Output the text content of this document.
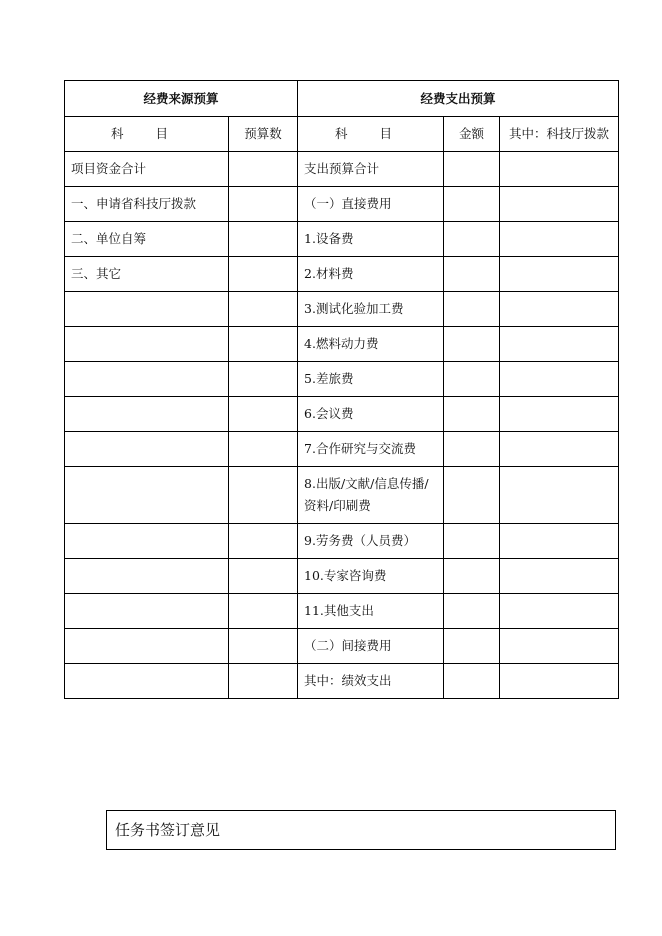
经费来源预算		经费支出预算		
科 目	预算数	科 目	金额	其中：科技厅拨款
项目资金合计		支出预算合计		
一、申请省科技厅拨款		（一）直接费用		
二、单位自筹		1.设备费		
三、其它		2.材料费		
		3.测试化验加工费		
		4.燃料动力费		
		5.差旅费		
		6.会议费		
		7.合作研究与交流费		
		8.出版/文献/信息传播/资料/印刷费		
		9.劳务费（人员费）		
		10.专家咨询费		
		11.其他支出		
		（二）间接费用		
		其中：绩效支出		
任务书签订意见
